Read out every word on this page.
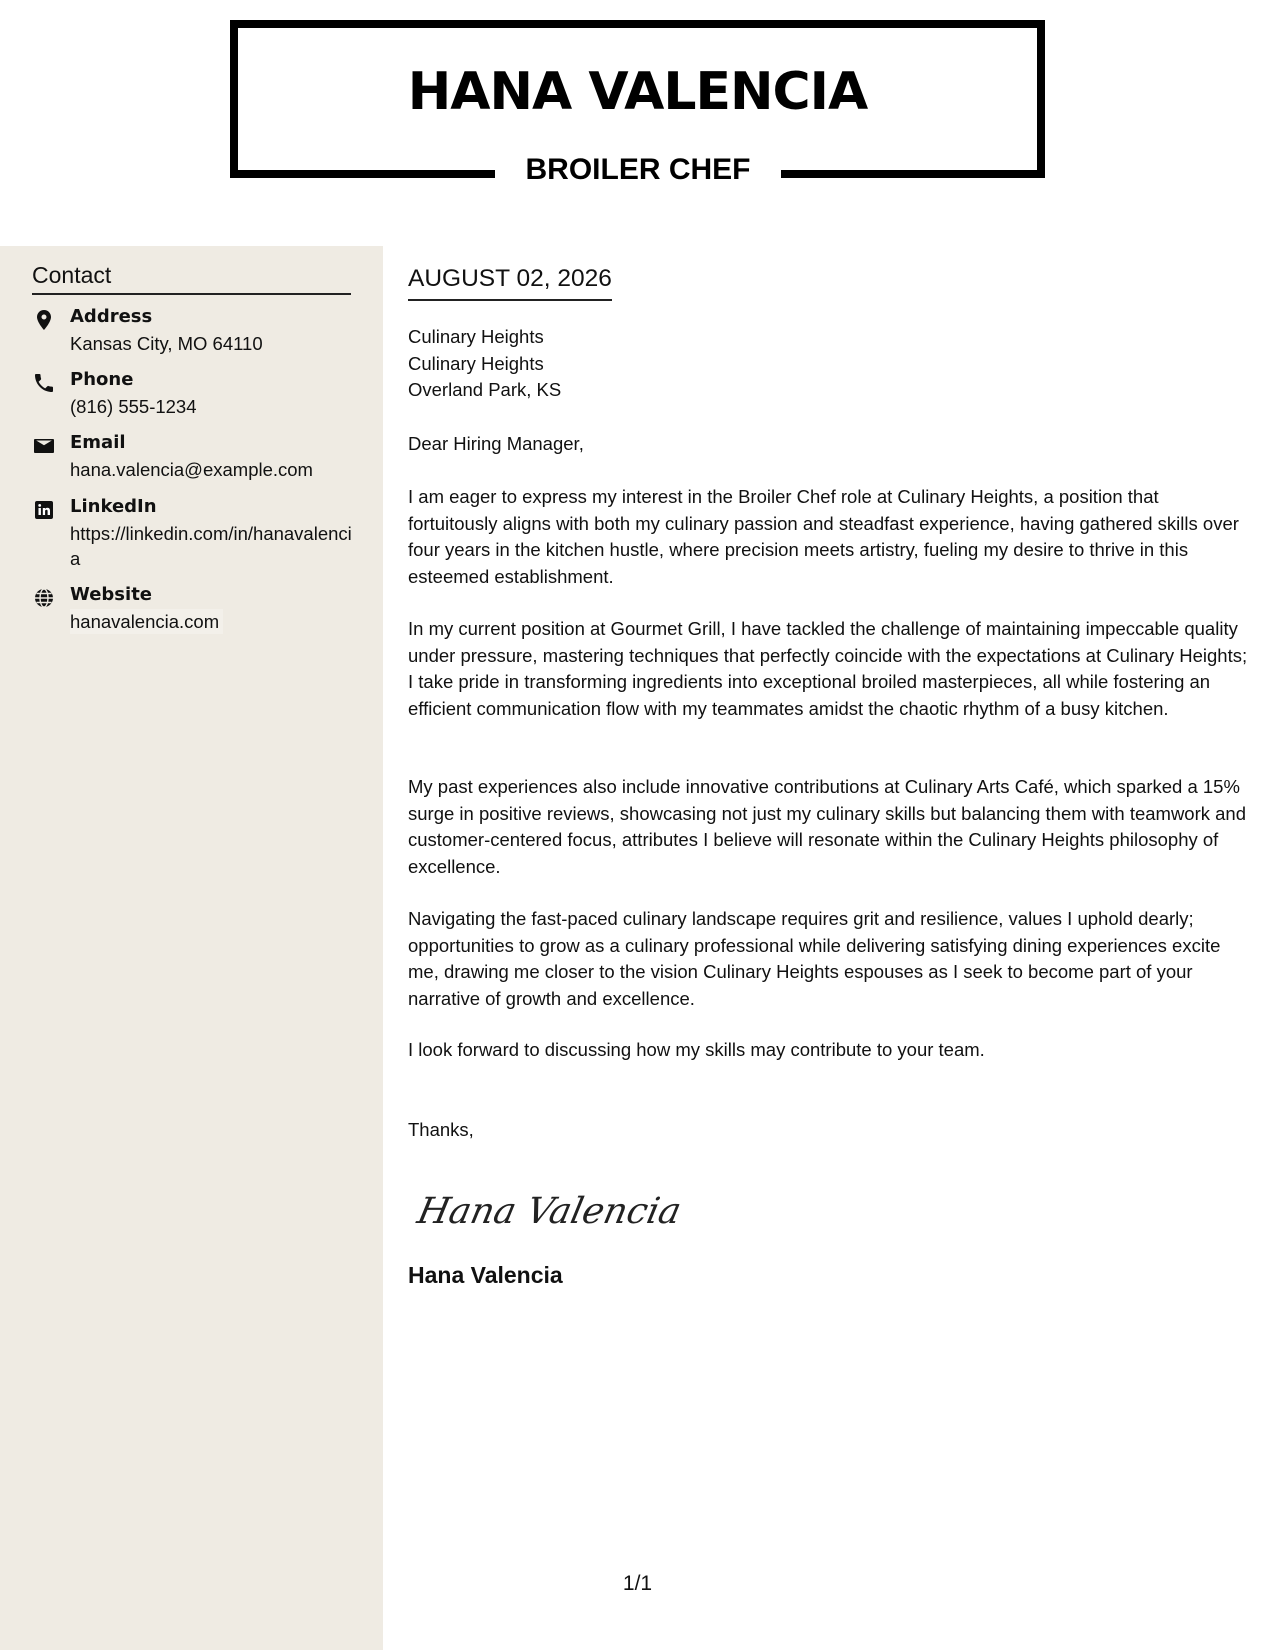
HANA VALENCIA
BROILER CHEF
Contact
Address
Kansas City, MO 64110
Phone
(816) 555-1234
Email
hana.valencia@example.com
LinkedIn
https://linkedin.com/in/hanavalencia
Website
hanavalencia.com
AUGUST 02, 2026
Culinary Heights
Culinary Heights
Overland Park, KS
Dear Hiring Manager,
I am eager to express my interest in the Broiler Chef role at Culinary Heights, a position that fortuitously aligns with both my culinary passion and steadfast experience, having gathered skills over four years in the kitchen hustle, where precision meets artistry, fueling my desire to thrive in this esteemed establishment.
In my current position at Gourmet Grill, I have tackled the challenge of maintaining impeccable quality under pressure, mastering techniques that perfectly coincide with the expectations at Culinary Heights; I take pride in transforming ingredients into exceptional broiled masterpieces, all while fostering an efficient communication flow with my teammates amidst the chaotic rhythm of a busy kitchen.
My past experiences also include innovative contributions at Culinary Arts Café, which sparked a 15% surge in positive reviews, showcasing not just my culinary skills but balancing them with teamwork and customer-centered focus, attributes I believe will resonate within the Culinary Heights philosophy of excellence.
Navigating the fast-paced culinary landscape requires grit and resilience, values I uphold dearly; opportunities to grow as a culinary professional while delivering satisfying dining experiences excite me, drawing me closer to the vision Culinary Heights espouses as I seek to become part of your narrative of growth and excellence.
I look forward to discussing how my skills may contribute to your team.
Thanks,
Hana Valencia
Hana Valencia
1/1
